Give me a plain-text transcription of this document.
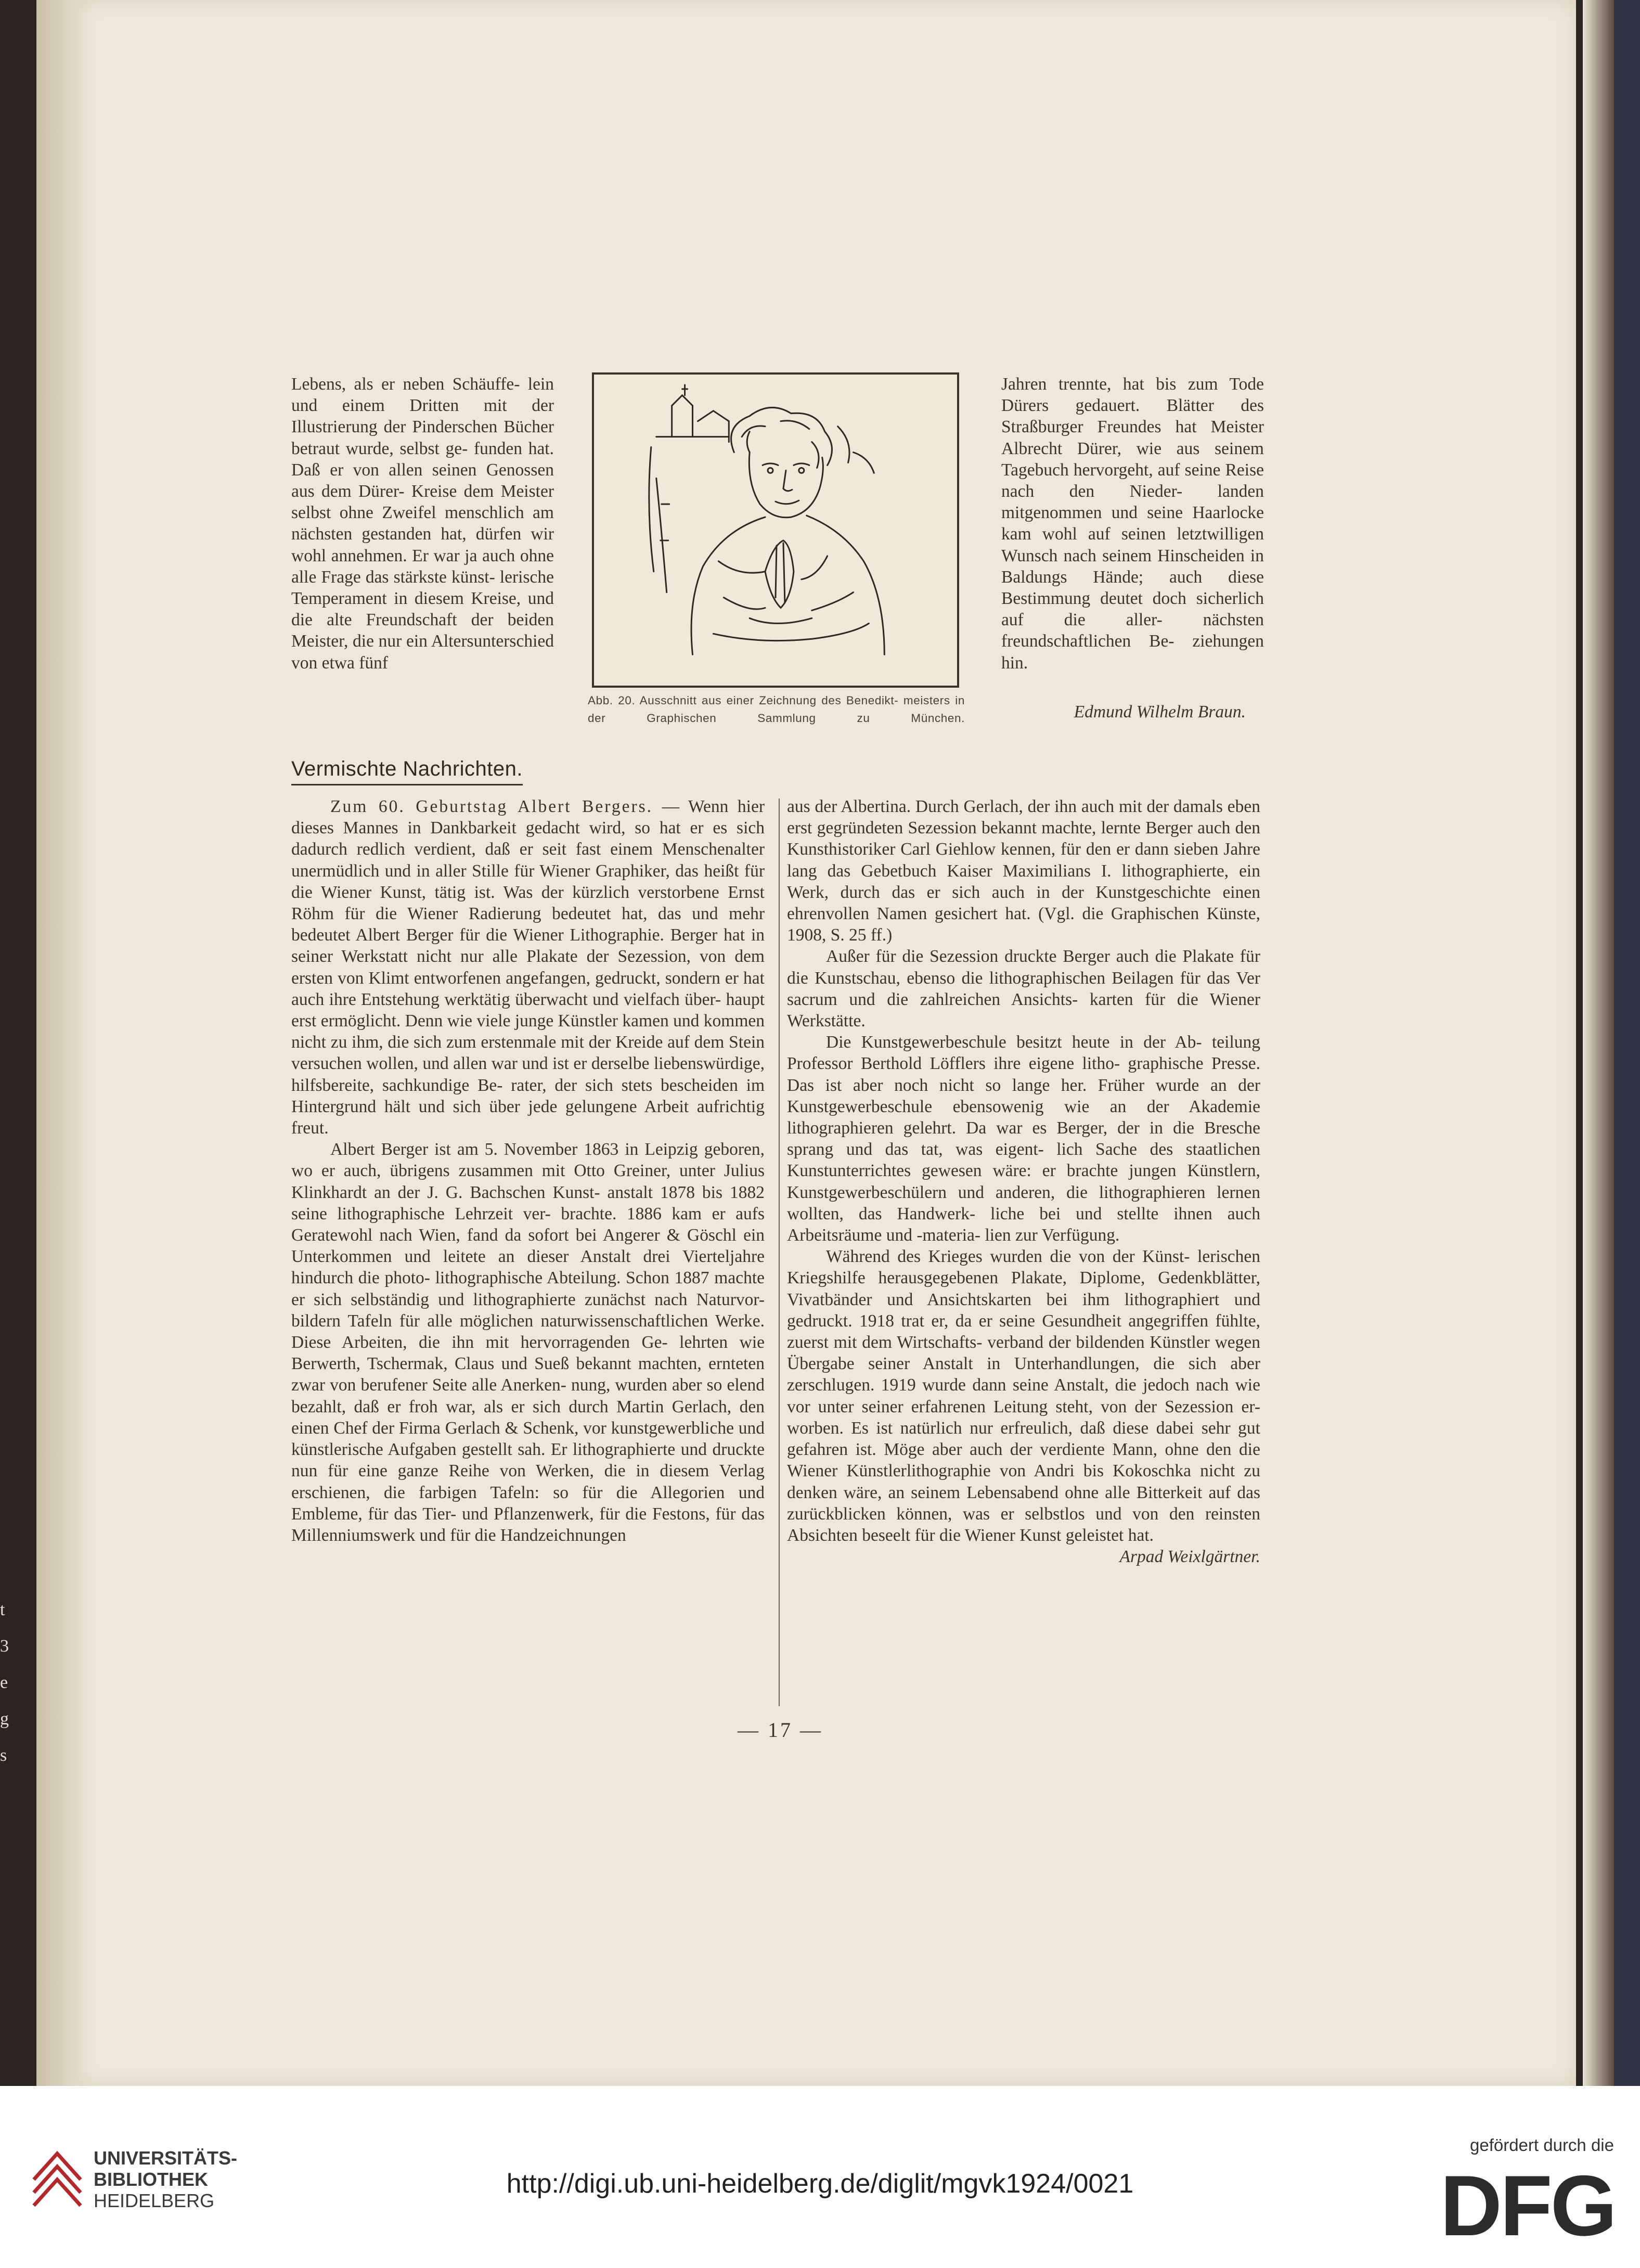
t
3
e
g
s

Lebens, als er neben Schäuffe- lein und einem Dritten mit der Illustrierung der Pinderschen Bücher betraut wurde, selbst ge- funden hat. Daß er von allen seinen Genossen aus dem Dürer- Kreise dem Meister selbst ohne Zweifel menschlich am nächsten gestanden hat, dürfen wir wohl annehmen. Er war ja auch ohne alle Frage das stärkste künst- lerische Temperament in diesem Kreise, und die alte Freundschaft der beiden Meister, die nur ein Altersunterschied von etwa fünf

Abb. 20. Ausschnitt aus einer Zeichnung des Benedikt- meisters in der Graphischen Sammlung zu München.

Jahren trennte, hat bis zum Tode Dürers gedauert. Blätter des Straßburger Freundes hat Meister Albrecht Dürer, wie aus seinem Tagebuch hervorgeht, auf seine Reise nach den Nieder- landen mitgenommen und seine Haarlocke kam wohl auf seinen letztwilligen Wunsch nach seinem Hinscheiden in Baldungs Hände; auch diese Bestimmung deutet doch sicherlich auf die aller- nächsten freundschaftlichen Be- ziehungen hin.

Edmund Wilhelm Braun.
Vermischte Nachrichten.

Zum 60. Geburtstag Albert Bergers. — Wenn hier dieses Mannes in Dankbarkeit gedacht wird, so hat er es sich dadurch redlich verdient, daß er seit fast einem Menschenalter unermüdlich und in aller Stille für Wiener Graphiker, das heißt für die Wiener Kunst, tätig ist. Was der kürzlich verstorbene Ernst Röhm für die Wiener Radierung bedeutet hat, das und mehr bedeutet Albert Berger für die Wiener Lithographie. Berger hat in seiner Werkstatt nicht nur alle Plakate der Sezession, von dem ersten von Klimt entworfenen angefangen, gedruckt, sondern er hat auch ihre Entstehung werktätig überwacht und vielfach über- haupt erst ermöglicht. Denn wie viele junge Künstler kamen und kommen nicht zu ihm, die sich zum erstenmale mit der Kreide auf dem Stein versuchen wollen, und allen war und ist er derselbe liebenswürdige, hilfsbereite, sachkundige Be- rater, der sich stets bescheiden im Hintergrund hält und sich über jede gelungene Arbeit aufrichtig freut.

Albert Berger ist am 5. November 1863 in Leipzig geboren, wo er auch, übrigens zusammen mit Otto Greiner, unter Julius Klinkhardt an der J. G. Bachschen Kunst- anstalt 1878 bis 1882 seine lithographische Lehrzeit ver- brachte. 1886 kam er aufs Geratewohl nach Wien, fand da sofort bei Angerer & Göschl ein Unterkommen und leitete an dieser Anstalt drei Vierteljahre hindurch die photo- lithographische Abteilung. Schon 1887 machte er sich selbständig und lithographierte zunächst nach Naturvor- bildern Tafeln für alle möglichen naturwissenschaftlichen Werke. Diese Arbeiten, die ihn mit hervorragenden Ge- lehrten wie Berwerth, Tschermak, Claus und Sueß bekannt machten, ernteten zwar von berufener Seite alle Anerken- nung, wurden aber so elend bezahlt, daß er froh war, als er sich durch Martin Gerlach, den einen Chef der Firma Gerlach & Schenk, vor kunstgewerbliche und künstlerische Aufgaben gestellt sah. Er lithographierte und druckte nun für eine ganze Reihe von Werken, die in diesem Verlag erschienen, die farbigen Tafeln: so für die Allegorien und Embleme, für das Tier- und Pflanzenwerk, für die Festons, für das Millenniumswerk und für die Handzeichnungen

aus der Albertina. Durch Gerlach, der ihn auch mit der damals eben erst gegründeten Sezession bekannt machte, lernte Berger auch den Kunsthistoriker Carl Giehlow kennen, für den er dann sieben Jahre lang das Gebetbuch Kaiser Maximilians I. lithographierte, ein Werk, durch das er sich auch in der Kunstgeschichte einen ehrenvollen Namen gesichert hat. (Vgl. die Graphischen Künste, 1908, S. 25 ff.)

Außer für die Sezession druckte Berger auch die Plakate für die Kunstschau, ebenso die lithographischen Beilagen für das Ver sacrum und die zahlreichen Ansichts- karten für die Wiener Werkstätte.

Die Kunstgewerbeschule besitzt heute in der Ab- teilung Professor Berthold Löfflers ihre eigene litho- graphische Presse. Das ist aber noch nicht so lange her. Früher wurde an der Kunstgewerbeschule ebensowenig wie an der Akademie lithographieren gelehrt. Da war es Berger, der in die Bresche sprang und das tat, was eigent- lich Sache des staatlichen Kunstunterrichtes gewesen wäre: er brachte jungen Künstlern, Kunstgewerbeschülern und anderen, die lithographieren lernen wollten, das Handwerk- liche bei und stellte ihnen auch Arbeitsräume und -materia- lien zur Verfügung.

Während des Krieges wurden die von der Künst- lerischen Kriegshilfe herausgegebenen Plakate, Diplome, Gedenkblätter, Vivatbänder und Ansichtskarten bei ihm lithographiert und gedruckt. 1918 trat er, da er seine Gesundheit angegriffen fühlte, zuerst mit dem Wirtschafts- verband der bildenden Künstler wegen Übergabe seiner Anstalt in Unterhandlungen, die sich aber zerschlugen. 1919 wurde dann seine Anstalt, die jedoch nach wie vor unter seiner erfahrenen Leitung steht, von der Sezession er- worben. Es ist natürlich nur erfreulich, daß diese dabei sehr gut gefahren ist. Möge aber auch der verdiente Mann, ohne den die Wiener Künstlerlithographie von Andri bis Kokoschka nicht zu denken wäre, an seinem Lebensabend ohne alle Bitterkeit auf das zurückblicken können, was er selbstlos und von den reinsten Absichten beseelt für die Wiener Kunst geleistet hat.
Arpad Weixlgärtner.

— 17 —
UNIVERSITÄTS-
BIBLIOTHEK
HEIDELBERG
http://digi.ub.uni-heidelberg.de/diglit/mgvk1924/0021
gefördert durch die
DFG
